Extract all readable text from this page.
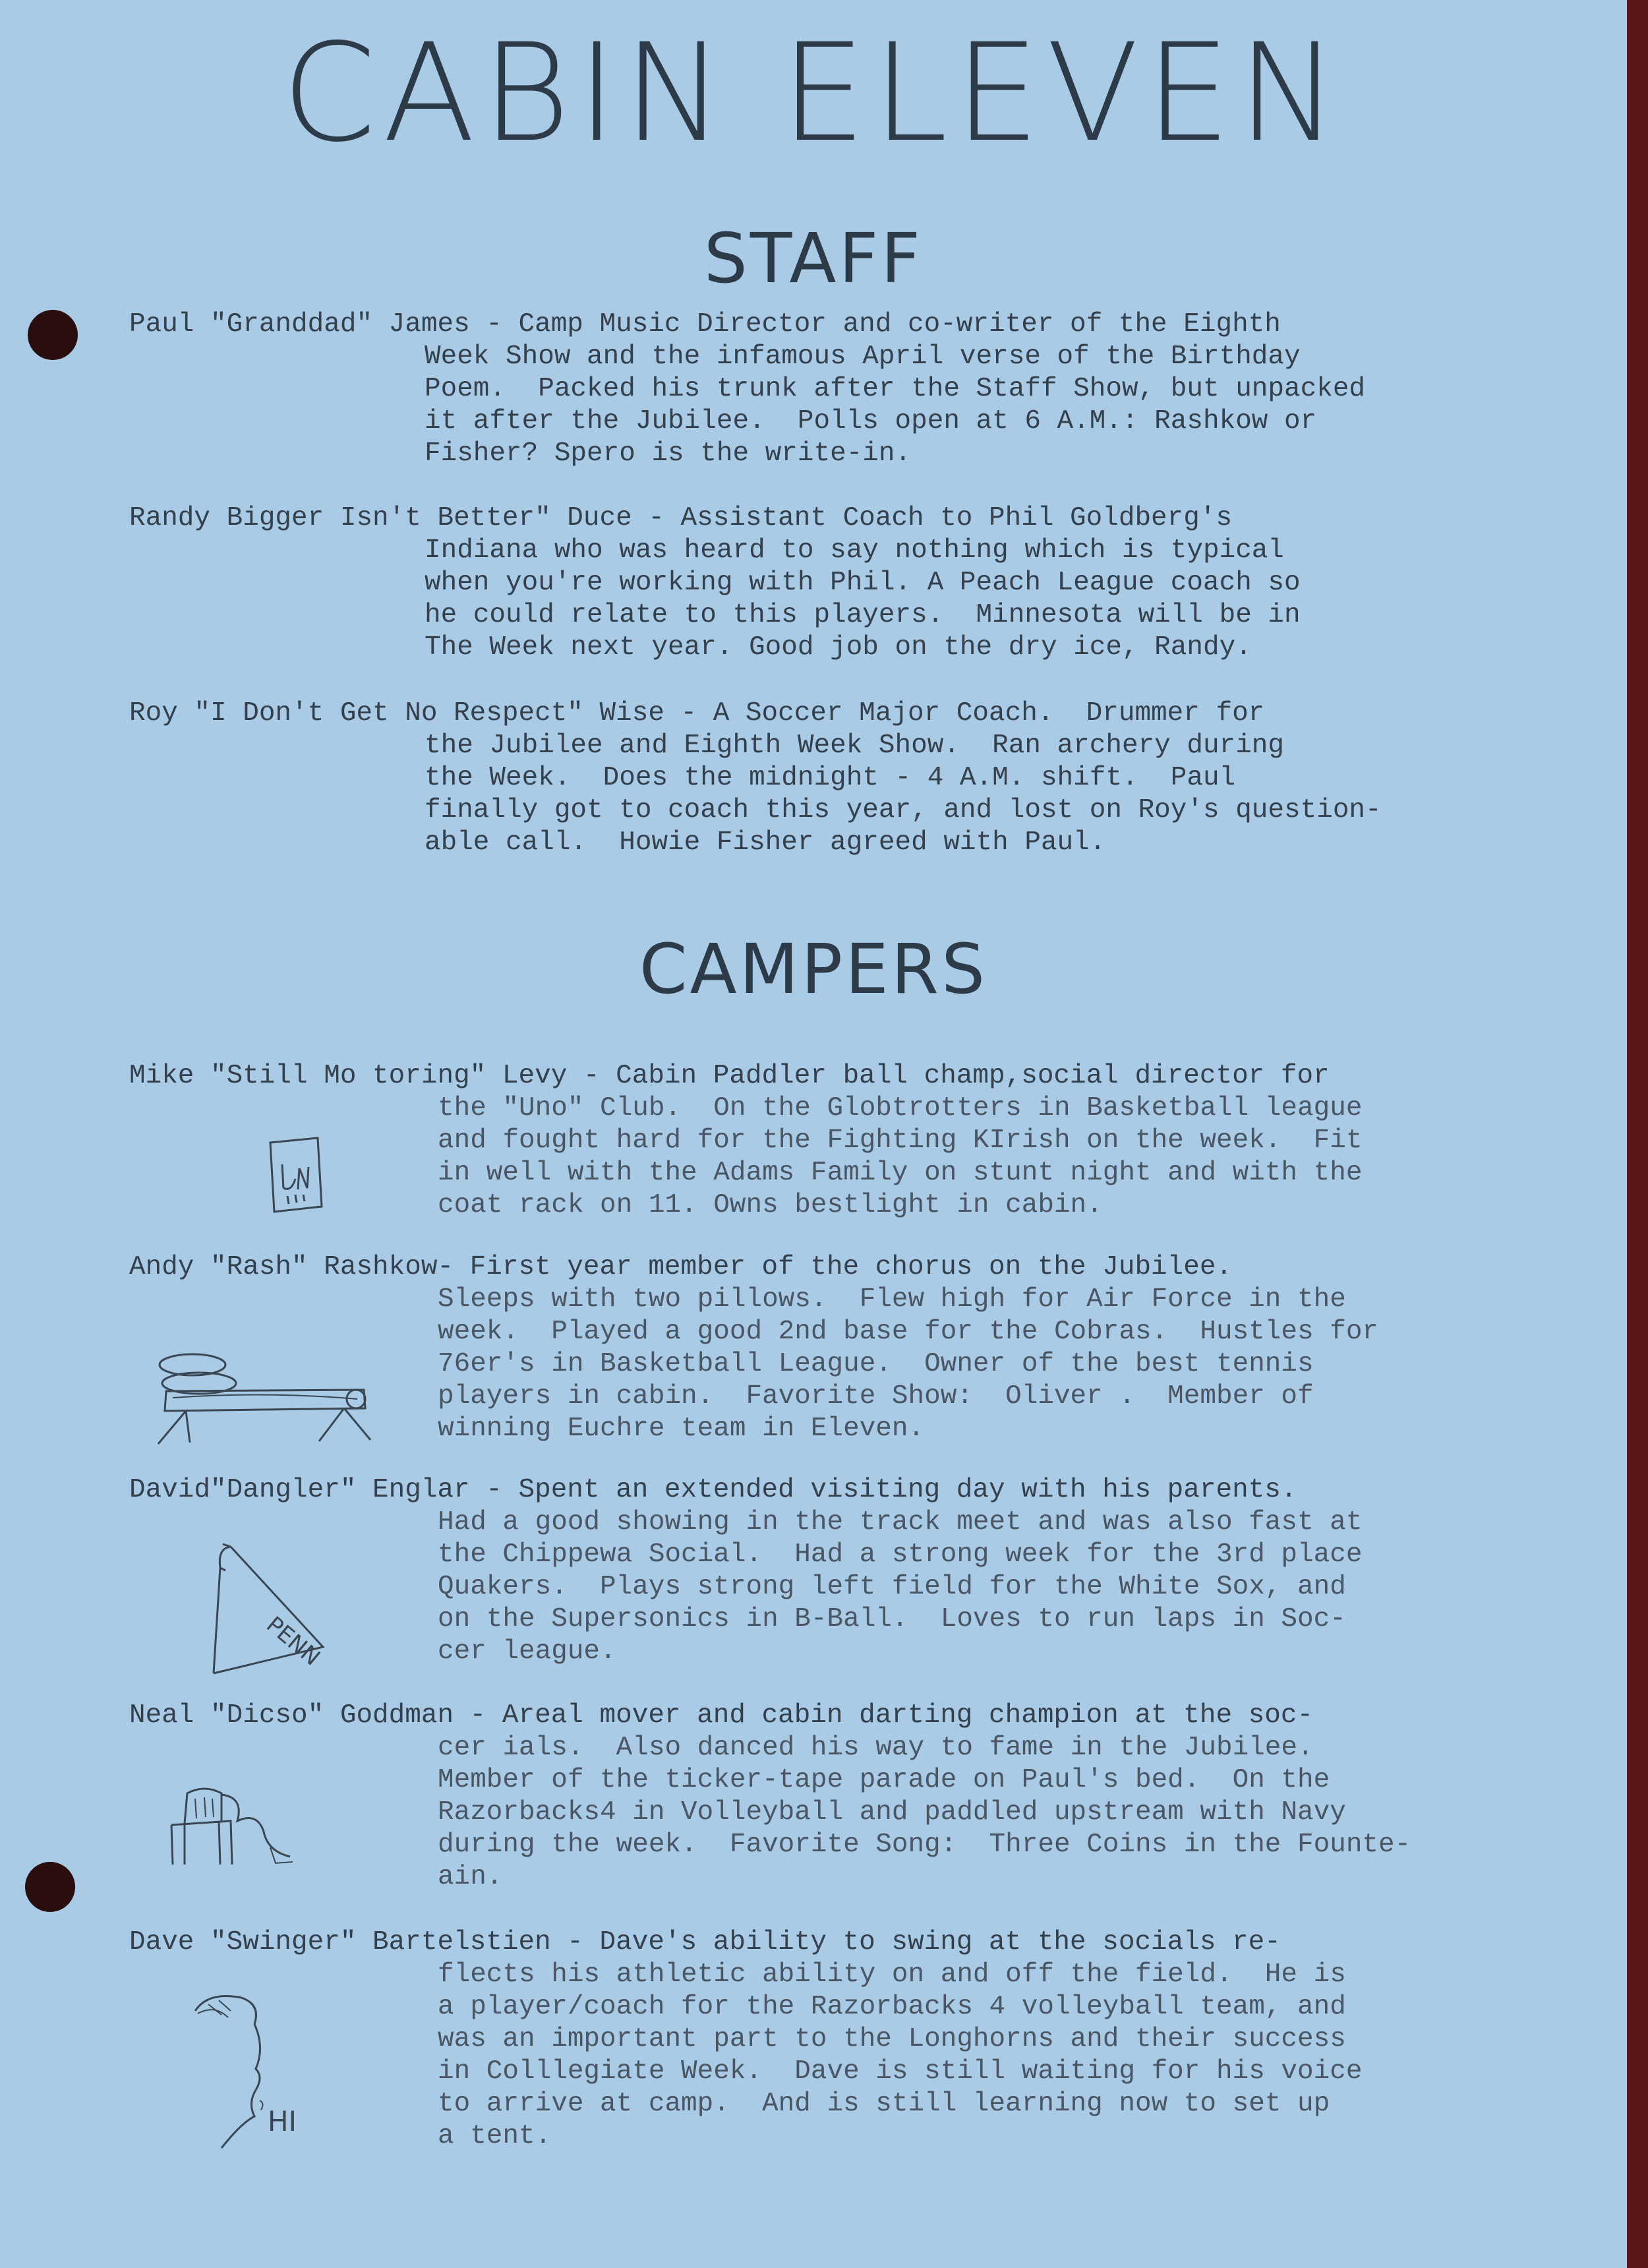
CABIN ELEVEN
STAFF
Paul "Granddad" James - Camp Music Director and co-writer of the Eighth

Week Show and the infamous April verse of the Birthday

Poem.  Packed his trunk after the Staff Show, but unpacked

it after the Jubilee.  Polls open at 6 A.M.: Rashkow or

Fisher? Spero is the write-in.

Randy Bigger Isn't Better" Duce - Assistant Coach to Phil Goldberg's

Indiana who was heard to say nothing which is typical

when you're working with Phil. A Peach League coach so

he could relate to this players.  Minnesota will be in

The Week next year. Good job on the dry ice, Randy.

Roy "I Don't Get No Respect" Wise - A Soccer Major Coach.  Drummer for

the Jubilee and Eighth Week Show.  Ran archery during

the Week.  Does the midnight - 4 A.M. shift.  Paul

finally got to coach this year, and lost on Roy's question-

able call.  Howie Fisher agreed with Paul.

CAMPERS
Mike "Still Mo toring" Levy - Cabin Paddler ball champ,social director for

the "Uno" Club.  On the Globtrotters in Basketball league

and fought hard for the Fighting KIrish on the week.  Fit

in well with the Adams Family on stunt night and with the

coat rack on 11. Owns bestlight in cabin.

Andy "Rash" Rashkow- First year member of the chorus on the Jubilee.

Sleeps with two pillows.  Flew high for Air Force in the

week.  Played a good 2nd base for the Cobras.  Hustles for

76er's in Basketball League.  Owner of the best tennis

players in cabin.  Favorite Show:  Oliver .  Member of

winning Euchre team in Eleven.

David"Dangler" Englar - Spent an extended visiting day with his parents.

Had a good showing in the track meet and was also fast at

the Chippewa Social.  Had a strong week for the 3rd place

Quakers.  Plays strong left field for the White Sox, and

on the Supersonics in B-Ball.  Loves to run laps in Soc-

cer league.

PENN
Neal "Dicso" Goddman - Areal mover and cabin darting champion at the soc-

cer ials.  Also danced his way to fame in the Jubilee.

Member of the ticker-tape parade on Paul's bed.  On the

Razorbacks4 in Volleyball and paddled upstream with Navy

during the week.  Favorite Song:  Three Coins in the Founte-

ain.

Dave "Swinger" Bartelstien - Dave's ability to swing at the socials re-

flects his athletic ability on and off the field.  He is

a player/coach for the Razorbacks 4 volleyball team, and

was an important part to the Longhorns and their success

in Colllegiate Week.  Dave is still waiting for his voice

to arrive at camp.  And is still learning now to set up

a tent.

HI
